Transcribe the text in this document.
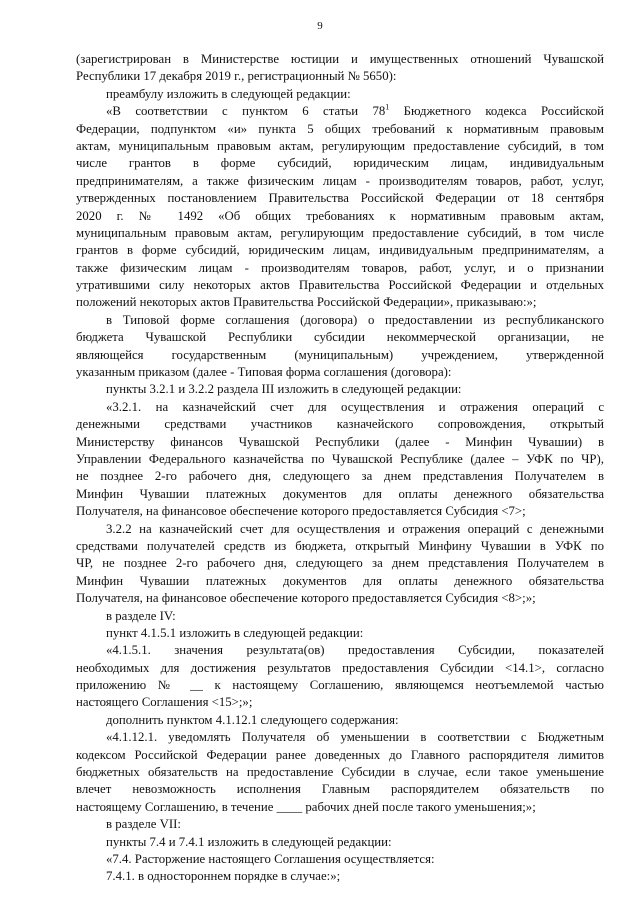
9
(зарегистрирован в Министерстве юстиции и имущественных отношений Чувашской
Республики 17 декабря 2019 г., регистрационный № 5650):
преамбулу изложить в следующей редакции:
«В соответствии с пунктом 6 статьи $78^1$ Бюджетного кодекса Российской
Федерации, подпунктом «и» пункта 5 общих требований к нормативным правовым
актам, муниципальным правовым актам, регулирующим предоставление субсидий, в том
числе грантов в форме субсидий, юридическим лицам, индивидуальным
предпринимателям, а также физическим лицам - производителям товаров, работ, услуг,
утвержденных постановлением Правительства Российской Федерации от 18 сентября
2020 г. № 1492 «Об общих требованиях к нормативным правовым актам,
муниципальным правовым актам, регулирующим предоставление субсидий, в том числе
грантов в форме субсидий, юридическим лицам, индивидуальным предпринимателям, а
также физическим лицам - производителям товаров, работ, услуг, и о признании
утратившими силу некоторых актов Правительства Российской Федерации и отдельных
положений некоторых актов Правительства Российской Федерации», приказываю:»;
в Типовой форме соглашения (договора) о предоставлении из республиканского
бюджета Чувашской Республики субсидии некоммерческой организации, не
являющейся государственным (муниципальным) учреждением, утвержденной
указанным приказом (далее - Типовая форма соглашения (договора):
пункты 3.2.1 и 3.2.2 раздела III изложить в следующей редакции:
«3.2.1. на казначейский счет для осуществления и отражения операций с
денежными средствами участников казначейского сопровождения, открытый
Министерству финансов Чувашской Республики (далее - Минфин Чувашии) в
Управлении Федерального казначейства по Чувашской Республике (далее – УФК по ЧР),
не позднее 2-го рабочего дня, следующего за днем представления Получателем в
Минфин Чувашии платежных документов для оплаты денежного обязательства
Получателя, на финансовое обеспечение которого предоставляется Субсидия <7>;
3.2.2 на казначейский счет для осуществления и отражения операций с денежными
средствами получателей средств из бюджета, открытый Минфину Чувашии в УФК по
ЧР, не позднее 2-го рабочего дня, следующего за днем представления Получателем в
Минфин Чувашии платежных документов для оплаты денежного обязательства
Получателя, на финансовое обеспечение которого предоставляется Субсидия <8>;»;
в разделе IV:
пункт 4.1.5.1 изложить в следующей редакции:
«4.1.5.1. значения результата(ов) предоставления Субсидии, показателей
необходимых для достижения результатов предоставления Субсидии <14.1>, согласно
приложению № __ к настоящему Соглашению, являющемся неотъемлемой частью
настоящего Соглашения <15>;»;
дополнить пунктом 4.1.12.1 следующего содержания:
«4.1.12.1. уведомлять Получателя об уменьшении в соответствии с Бюджетным
кодексом Российской Федерации ранее доведенных до Главного распорядителя лимитов
бюджетных обязательств на предоставление Субсидии в случае, если такое уменьшение
влечет невозможность исполнения Главным распорядителем обязательств по
настоящему Соглашению, в течение ____ рабочих дней после такого уменьшения;»;
в разделе VII:
пункты 7.4 и 7.4.1 изложить в следующей редакции:
«7.4. Расторжение настоящего Соглашения осуществляется:
7.4.1. в одностороннем порядке в случае:»;
